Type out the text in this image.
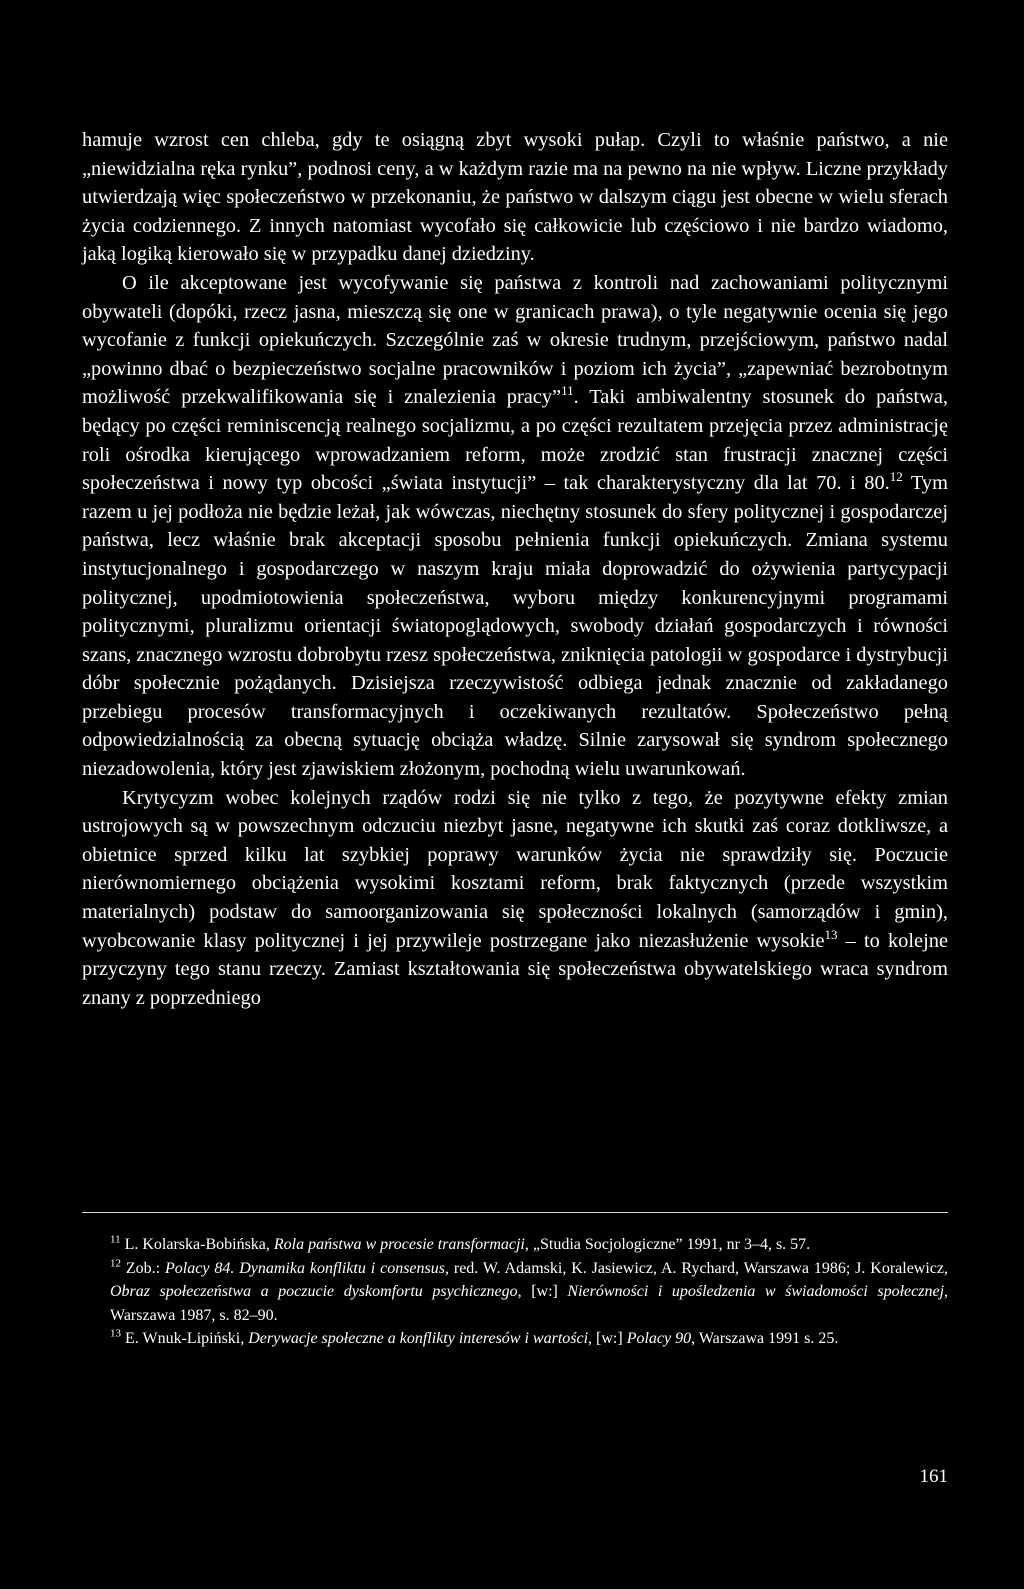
hamuje wzrost cen chleba, gdy te osiągną zbyt wysoki pułap. Czyli to właśnie państwo, a nie „niewidzialna ręka rynku”, podnosi ceny, a w każdym razie ma na pewno na nie wpływ. Liczne przykłady utwierdzają więc społeczeństwo w przekonaniu, że państwo w dalszym ciągu jest obecne w wielu sferach życia codziennego. Z innych natomiast wycofało się całkowicie lub częściowo i nie bardzo wiadomo, jaką logiką kierowało się w przypadku danej dziedziny.

O ile akceptowane jest wycofywanie się państwa z kontroli nad zachowaniami politycznymi obywateli (dopóki, rzecz jasna, mieszczą się one w granicach prawa), o tyle negatywnie ocenia się jego wycofanie z funkcji opiekuńczych. Szczególnie zaś w okresie trudnym, przejściowym, państwo nadal „powinno dbać o bezpieczeństwo socjalne pracowników i poziom ich życia”, „zapewniać bezrobotnym możliwość przekwalifikowania się i znalezienia pracy”$^{11}$. Taki ambiwalentny stosunek do państwa, będący po części reminiscencją realnego socjalizmu, a po części rezultatem przejęcia przez administrację roli ośrodka kierującego wprowadzaniem reform, może zrodzić stan frustracji znacznej części społeczeństwa i nowy typ obcości „świata instytucji” – tak charakterystyczny dla lat 70. i 80.12 Tym razem u jej podłoża nie będzie leżał, jak wówczas, niechętny stosunek do sfery politycznej i gospodarczej państwa, lecz właśnie brak akceptacji sposobu pełnienia funkcji opiekuńczych. Zmiana systemu instytucjonalnego i gospodarczego w naszym kraju miała doprowadzić do ożywienia partycypacji politycznej, upodmiotowienia społeczeństwa, wyboru między konkurencyjnymi programami politycznymi, pluralizmu orientacji światopoglądowych, swobody działań gospodarczych i równości szans, znacznego wzrostu dobrobytu rzesz społeczeństwa, zniknięcia patologii w gospodarce i dystrybucji dóbr społecznie pożądanych. Dzisiejsza rzeczywistość odbiega jednak znacznie od zakładanego przebiegu procesów transformacyjnych i oczekiwanych rezultatów. Społeczeństwo pełną odpowiedzialnością za obecną sytuację obciąża władzę. Silnie zarysował się syndrom społecznego niezadowolenia, który jest zjawiskiem złożonym, pochodną wielu uwarunkowań.

Krytycyzm wobec kolejnych rządów rodzi się nie tylko z tego, że pozytywne efekty zmian ustrojowych są w powszechnym odczuciu niezbyt jasne, negatywne ich skutki zaś coraz dotkliwsze, a obietnice sprzed kilku lat szybkiej poprawy warunków życia nie sprawdziły się. Poczucie nierównomiernego obciążenia wysokimi kosztami reform, brak faktycznych (przede wszystkim materialnych) podstaw do samoorganizowania się społeczności lokalnych (samorządów i gmin), wyobcowanie klasy politycznej i jej przywileje postrzegane jako niezasłużenie wysokie$^{13}$ – to kolejne przyczyny tego stanu rzeczy. Zamiast kształtowania się społeczeństwa obywatelskiego wraca syndrom znany z poprzedniego

$^{11}$ L. Kolarska-Bobińska, Rola państwa w procesie transformacji, „Studia Socjologiczne” 1991, nr 3–4, s. 57.

$^{12}$ Zob.: Polacy 84. Dynamika konfliktu i consensus, red. W. Adamski, K. Jasiewicz, A. Rychard, Warszawa 1986; J. Koralewicz, Obraz społeczeństwa a poczucie dyskomfortu psychicznego, [w:] Nierówności i upośledzenia w świadomości społecznej, Warszawa 1987, s. 82–90.

$^{13}$ E. Wnuk-Lipiński, Derywacje społeczne a konflikty interesów i wartości, [w:] Polacy 90, Warszawa 1991 s. 25.

161
